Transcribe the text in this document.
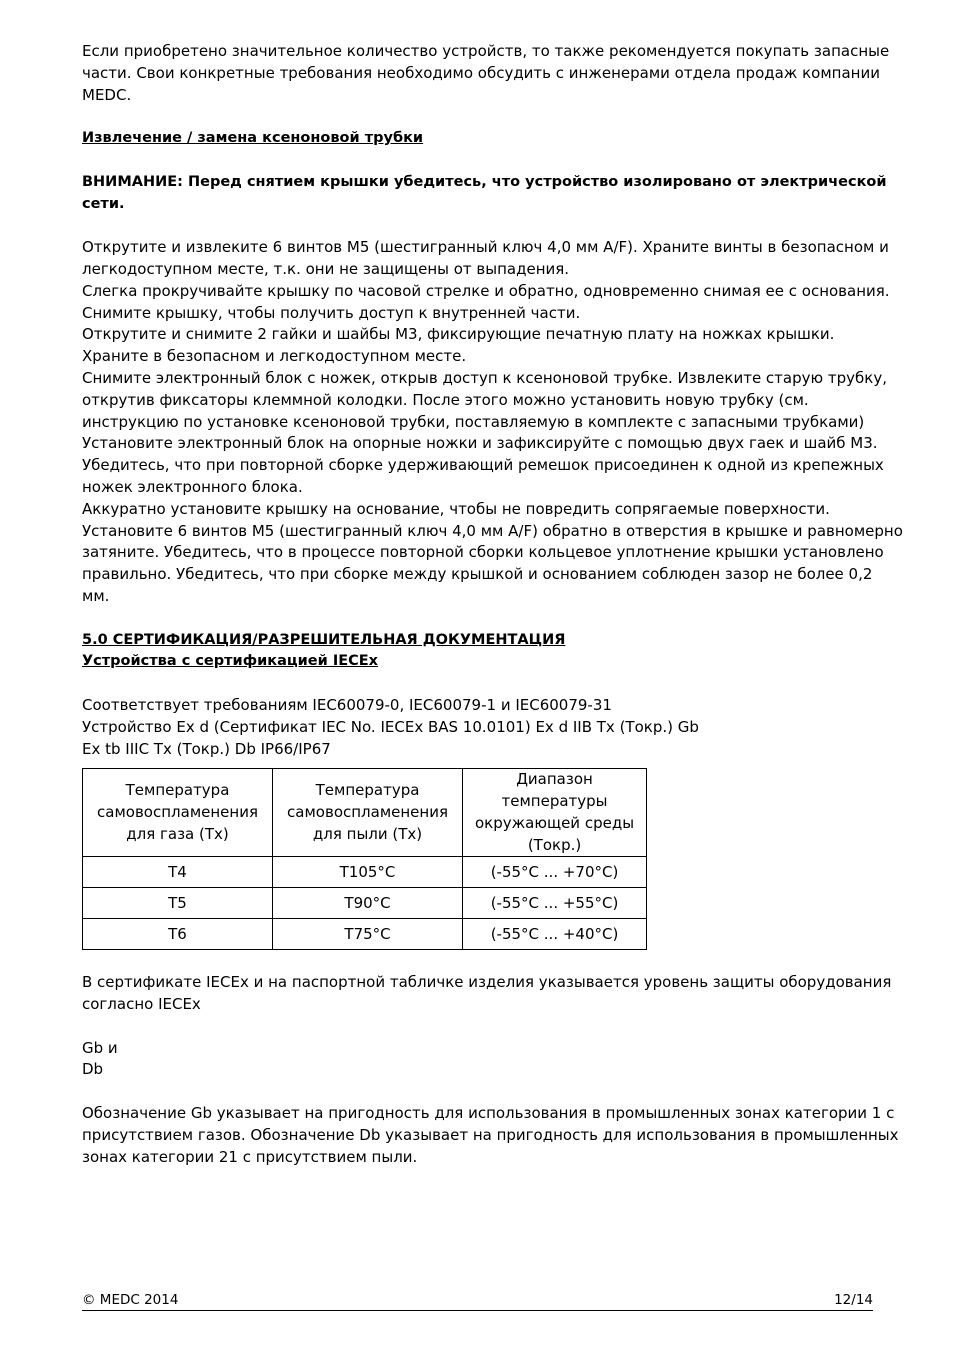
Если приобретено значительное количество устройств, то также рекомендуется покупать запасные части. Свои конкретные требования необходимо обсудить с инженерами отдела продаж компании MEDC.

Извлечение / замена ксеноновой трубки

ВНИМАНИЕ: Перед снятием крышки убедитесь, что устройство изолировано от электрической сети.

Открутите и извлеките 6 винтов M5 (шестигранный ключ 4,0 мм A/F). Храните винты в безопасном и легкодоступном месте, т.к. они не защищены от выпадения.

Слегка прокручивайте крышку по часовой стрелке и обратно, одновременно снимая ее с основания. Снимите крышку, чтобы получить доступ к внутренней части.

Открутите и снимите 2 гайки и шайбы M3, фиксирующие печатную плату на ножках крышки. Храните в безопасном и легкодоступном месте.

Снимите электронный блок с ножек, открыв доступ к ксеноновой трубке. Извлеките старую трубку, открутив фиксаторы клеммной колодки. После этого можно установить новую трубку (см. инструкцию по установке ксеноновой трубки, поставляемую в комплекте с запасными трубками)

Установите электронный блок на опорные ножки и зафиксируйте с помощью двух гаек и шайб M3. Убедитесь, что при повторной сборке удерживающий ремешок присоединен к одной из крепежных ножек электронного блока.

Аккуратно установите крышку на основание, чтобы не повредить сопрягаемые поверхности.

Установите 6 винтов M5 (шестигранный ключ 4,0 мм A/F) обратно в отверстия в крышке и равномерно затяните. Убедитесь, что в процессе повторной сборки кольцевое уплотнение крышки установлено правильно. Убедитесь, что при сборке между крышкой и основанием соблюден зазор не более 0,2 мм.

5.0 СЕРТИФИКАЦИЯ/РАЗРЕШИТЕЛЬНАЯ ДОКУМЕНТАЦИЯ

Устройства с сертификацией IECEx

Соответствует требованиям IEC60079-0, IEC60079-1 и IEC60079-31

Устройство Ex d (Сертификат IEC No. IECEx BAS 10.0101) Ex d IIB Tx (Токр.) Gb

Ex tb IIIC Tx (Токр.) Db IP66/IP67

Температура самовоспламенения для газа (Tx)	Температура самовоспламенения для пыли (Tx)	Диапазон температуры окружающей среды (Токр.)
T4	T105°C	(-55°C ... +70°C)
T5	T90°C	(-55°C ... +55°C)
T6	T75°C	(-55°C ... +40°C)

В сертификате IECEx и на паспортной табличке изделия указывается уровень защиты оборудования согласно IECEx

Gb и

Db

Обозначение Gb указывает на пригодность для использования в промышленных зонах категории 1 с присутствием газов. Обозначение Db указывает на пригодность для использования в промышленных зонах категории 21 с присутствием пыли.

© MEDC 2014	12/14
